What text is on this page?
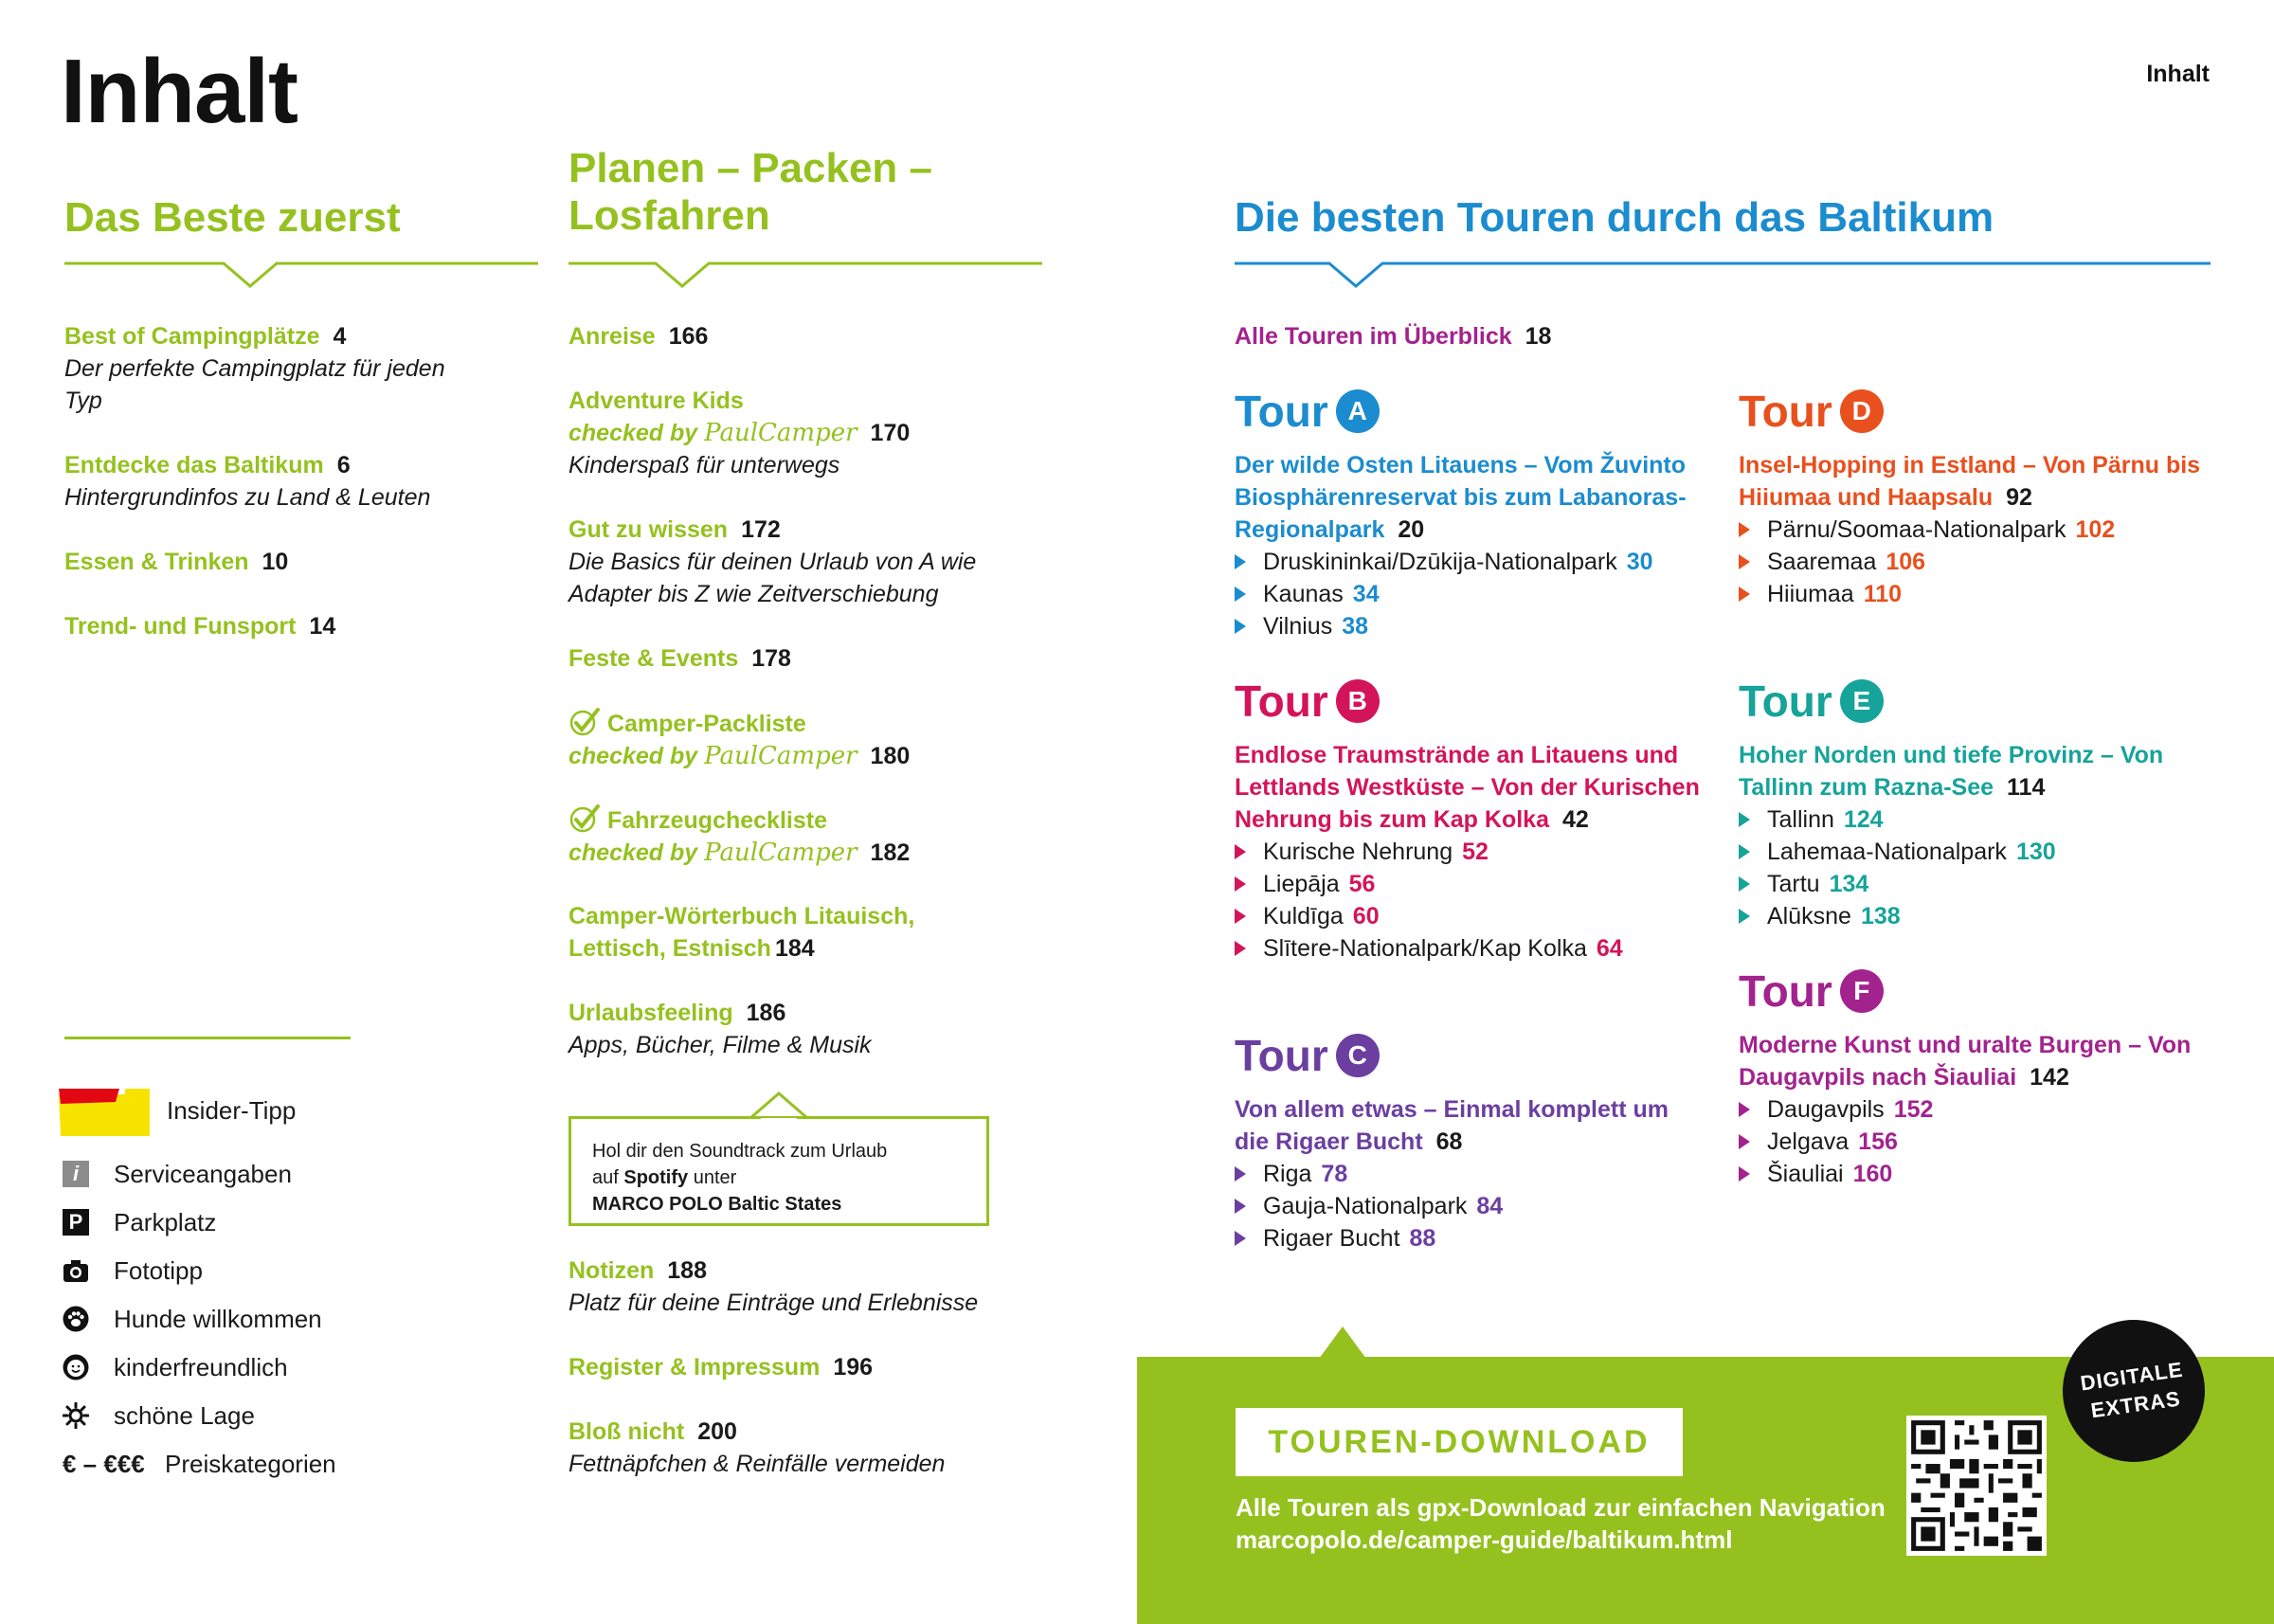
Inhalt	Inhalt
Das Beste zuerst
Best of Campingplätze 4
Der perfekte Campingplatz für jeden Typ
Entdecke das Baltikum 6
Hintergrundinfos zu Land & Leuten
Essen & Trinken 10
Trend- und Funsport 14
Insider-Tipp
i	Serviceangaben
P Parkplatz
Fototipp
Hunde willkommen
kinderfreundlich
schöne Lage
€ – €€€ Preiskategorien
Planen – Packen –
Losfahren
Anreise 166
Adventure Kids
checked by PaulCamper 170
Kinderspaß für unterwegs
Gut zu wissen 172
Die Basics für deinen Urlaub von A wie Adapter bis Z wie Zeitverschiebung
Feste & Events 178
Camper-Packliste
checked by PaulCamper 180
Fahrzeugcheckliste
checked by PaulCamper 182
Camper-Wörterbuch Litauisch,
Lettisch, Estnisch 184
Urlaubsfeeling 186
Apps, Bücher, Filme & Musik
Hol dir den Soundtrack zum Urlaub
auf Spotify unter
MARCO POLO Baltic States
Notizen 188
Platz für deine Einträge und Erlebnisse
Register & Impressum 196
Bloß nicht 200
Fettnäpfchen & Reinfälle vermeiden
Die besten Touren durch das Baltikum
Alle Touren im Überblick 18
Tour A
Der wilde Osten Litauens – Vom Žuvinto Biosphärenreservat bis zum Labanoras-Regionalpark 20
Druskininkai/Dzūkija-Nationalpark 30
Kaunas 34
Vilnius 38
Tour B
Endlose Traumstrände an Litauens und Lettlands Westküste – Von der Kurischen Nehrung bis zum Kap Kolka 42
Kurische Nehrung 52
Liepāja 56
Kuldīga 60
Slītere-Nationalpark/Kap Kolka 64
Tour C
Von allem etwas – Einmal komplett um die Rigaer Bucht 68
Riga 78
Gauja-Nationalpark 84
Rigaer Bucht 88
Tour D
Insel-Hopping in Estland – Von Pärnu bis Hiiumaa und Haapsalu 92
Pärnu/Soomaa-Nationalpark 102
Saaremaa 106
Hiiumaa 110
Tour E
Hoher Norden und tiefe Provinz – Von Tallinn zum Razna-See 114
Tallinn 124
Lahemaa-Nationalpark 130
Tartu 134
Alūksne 138
Tour F
Moderne Kunst und uralte Burgen – Von Daugavpils nach Šiauliai 142
Daugavpils 152
Jelgava 156
Šiauliai 160
TOUREN-DOWNLOAD
Alle Touren als gpx-Download zur einfachen Navigation
marcopolo.de/camper-guide/baltikum.html
DIGITALE
EXTRAS
